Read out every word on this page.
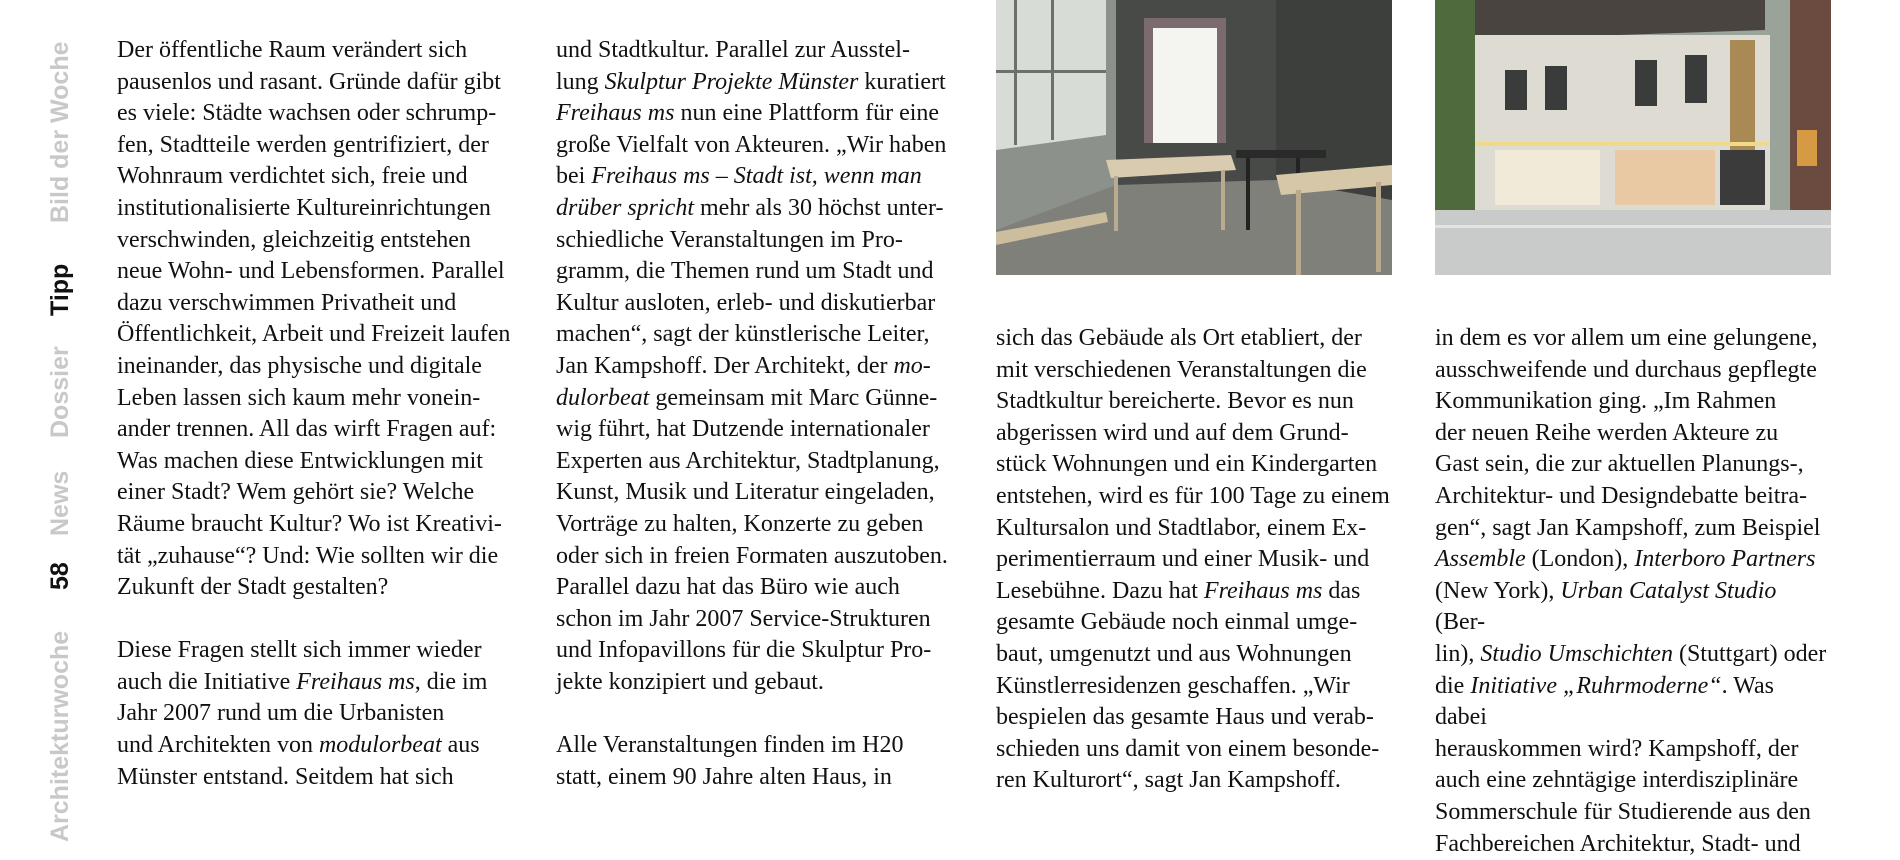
Bild der Woche
Tipp
Dossier
News
58
Architekturwoche

Der öffentliche Raum verändert sich
pausenlos und rasant. Gründe dafür gibt
es viele: Städte wachsen oder schrump-
fen, Stadtteile werden gentrifiziert, der
Wohnraum verdichtet sich, freie und
institutionalisierte Kultureinrichtungen
verschwinden, gleichzeitig entstehen
neue Wohn- und Lebensformen. Parallel
dazu verschwimmen Privatheit und
Öffentlichkeit, Arbeit und Freizeit laufen
ineinander, das physische und digitale
Leben lassen sich kaum mehr vonein-
ander trennen. All das wirft Fragen auf:
Was machen diese Entwicklungen mit
einer Stadt? Wem gehört sie? Welche
Räume braucht Kultur? Wo ist Kreativi-
tät „zuhause“? Und: Wie sollten wir die
Zukunft der Stadt gestalten?

Diese Fragen stellt sich immer wieder
auch die Initiative Freihaus ms, die im
Jahr 2007 rund um die Urbanisten
und Architekten von modulorbeat aus
Münster entstand. Seitdem hat sich

und Stadtkultur. Parallel zur Ausstel-
lung Skulptur Projekte Münster kuratiert
Freihaus ms nun eine Plattform für eine
große Vielfalt von Akteuren. „Wir haben
bei Freihaus ms – Stadt ist, wenn man
drüber spricht mehr als 30 höchst unter-
schiedliche Veranstaltungen im Pro-
gramm, die Themen rund um Stadt und
Kultur ausloten, erleb- und diskutierbar
machen“, sagt der künstlerische Leiter,
Jan Kampshoff. Der Architekt, der mo-
dulorbeat gemeinsam mit Marc Günne-
wig führt, hat Dutzende internationaler
Experten aus Architektur, Stadtplanung,
Kunst, Musik und Literatur eingeladen,
Vorträge zu halten, Konzerte zu geben
oder sich in freien Formaten auszutoben.
Parallel dazu hat das Büro wie auch
schon im Jahr 2007 Service-Strukturen
und Infopavillons für die Skulptur Pro-
jekte konzipiert und gebaut.

Alle Veranstaltungen finden im H20
statt, einem 90 Jahre alten Haus, in

sich das Gebäude als Ort etabliert, der
mit verschiedenen Veranstaltungen die
Stadtkultur bereicherte. Bevor es nun
abgerissen wird und auf dem Grund-
stück Wohnungen und ein Kindergarten
entstehen, wird es für 100 Tage zu einem
Kultursalon und Stadtlabor, einem Ex-
perimentierraum und einer Musik- und
Lesebühne. Dazu hat Freihaus ms das
gesamte Gebäude noch einmal umge-
baut, umgenutzt und aus Wohnungen
Künstlerresidenzen geschaffen. „Wir
bespielen das gesamte Haus und verab-
schieden uns damit von einem besonde-
ren Kulturort“, sagt Jan Kampshoff.

in dem es vor allem um eine gelungene,
ausschweifende und durchaus gepflegte
Kommunikation ging. „Im Rahmen
der neuen Reihe werden Akteure zu
Gast sein, die zur aktuellen Planungs-,
Architektur- und Designdebatte beitra-
gen“, sagt Jan Kampshoff, zum Beispiel
Assemble (London), Interboro Partners
(New York), Urban Catalyst Studio (Ber-
lin), Studio Umschichten (Stuttgart) oder
die Initiative „Ruhrmoderne“. Was dabei
herauskommen wird? Kampshoff, der
auch eine zehntägige interdisziplinäre
Sommerschule für Studierende aus den
Fachbereichen Architektur, Stadt- und
